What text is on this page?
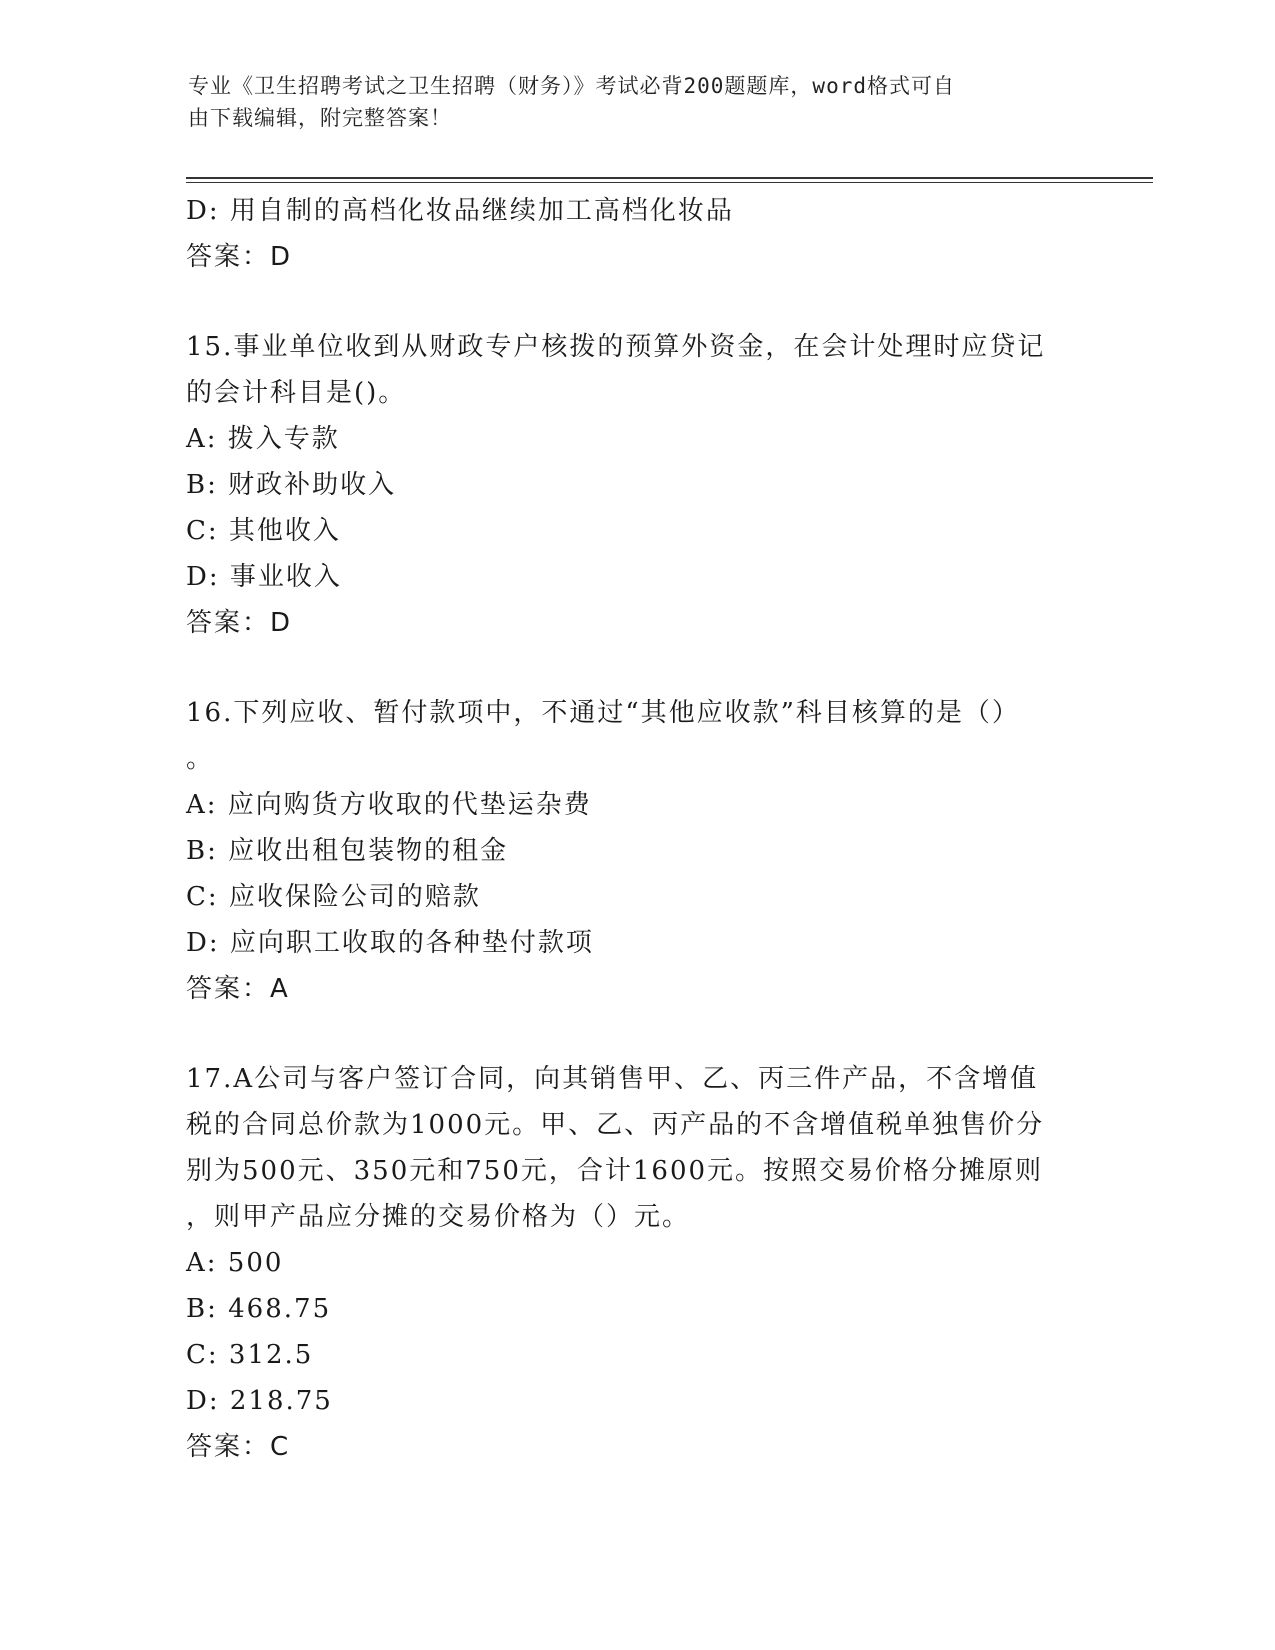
专业《卫生招聘考试之卫生招聘（财务）》考试必背200题题库，word格式可自
由下载编辑，附完整答案！
D: 用自制的高档化妆品继续加工高档化妆品
答案：D
15.事业单位收到从财政专户核拨的预算外资金，在会计处理时应贷记
的会计科目是()。
A: 拨入专款
B: 财政补助收入
C: 其他收入
D: 事业收入
答案：D
16.下列应收、暂付款项中，不通过“其他应收款”科目核算的是（）
。
A: 应向购货方收取的代垫运杂费
B: 应收出租包装物的租金
C: 应收保险公司的赔款
D: 应向职工收取的各种垫付款项
答案：A
17.A公司与客户签订合同，向其销售甲、乙、丙三件产品，不含增值
税的合同总价款为1000元。甲、乙、丙产品的不含增值税单独售价分
别为500元、350元和750元，合计1600元。按照交易价格分摊原则
，则甲产品应分摊的交易价格为（）元。
A: 500
B: 468.75
C: 312.5
D: 218.75
答案：C
